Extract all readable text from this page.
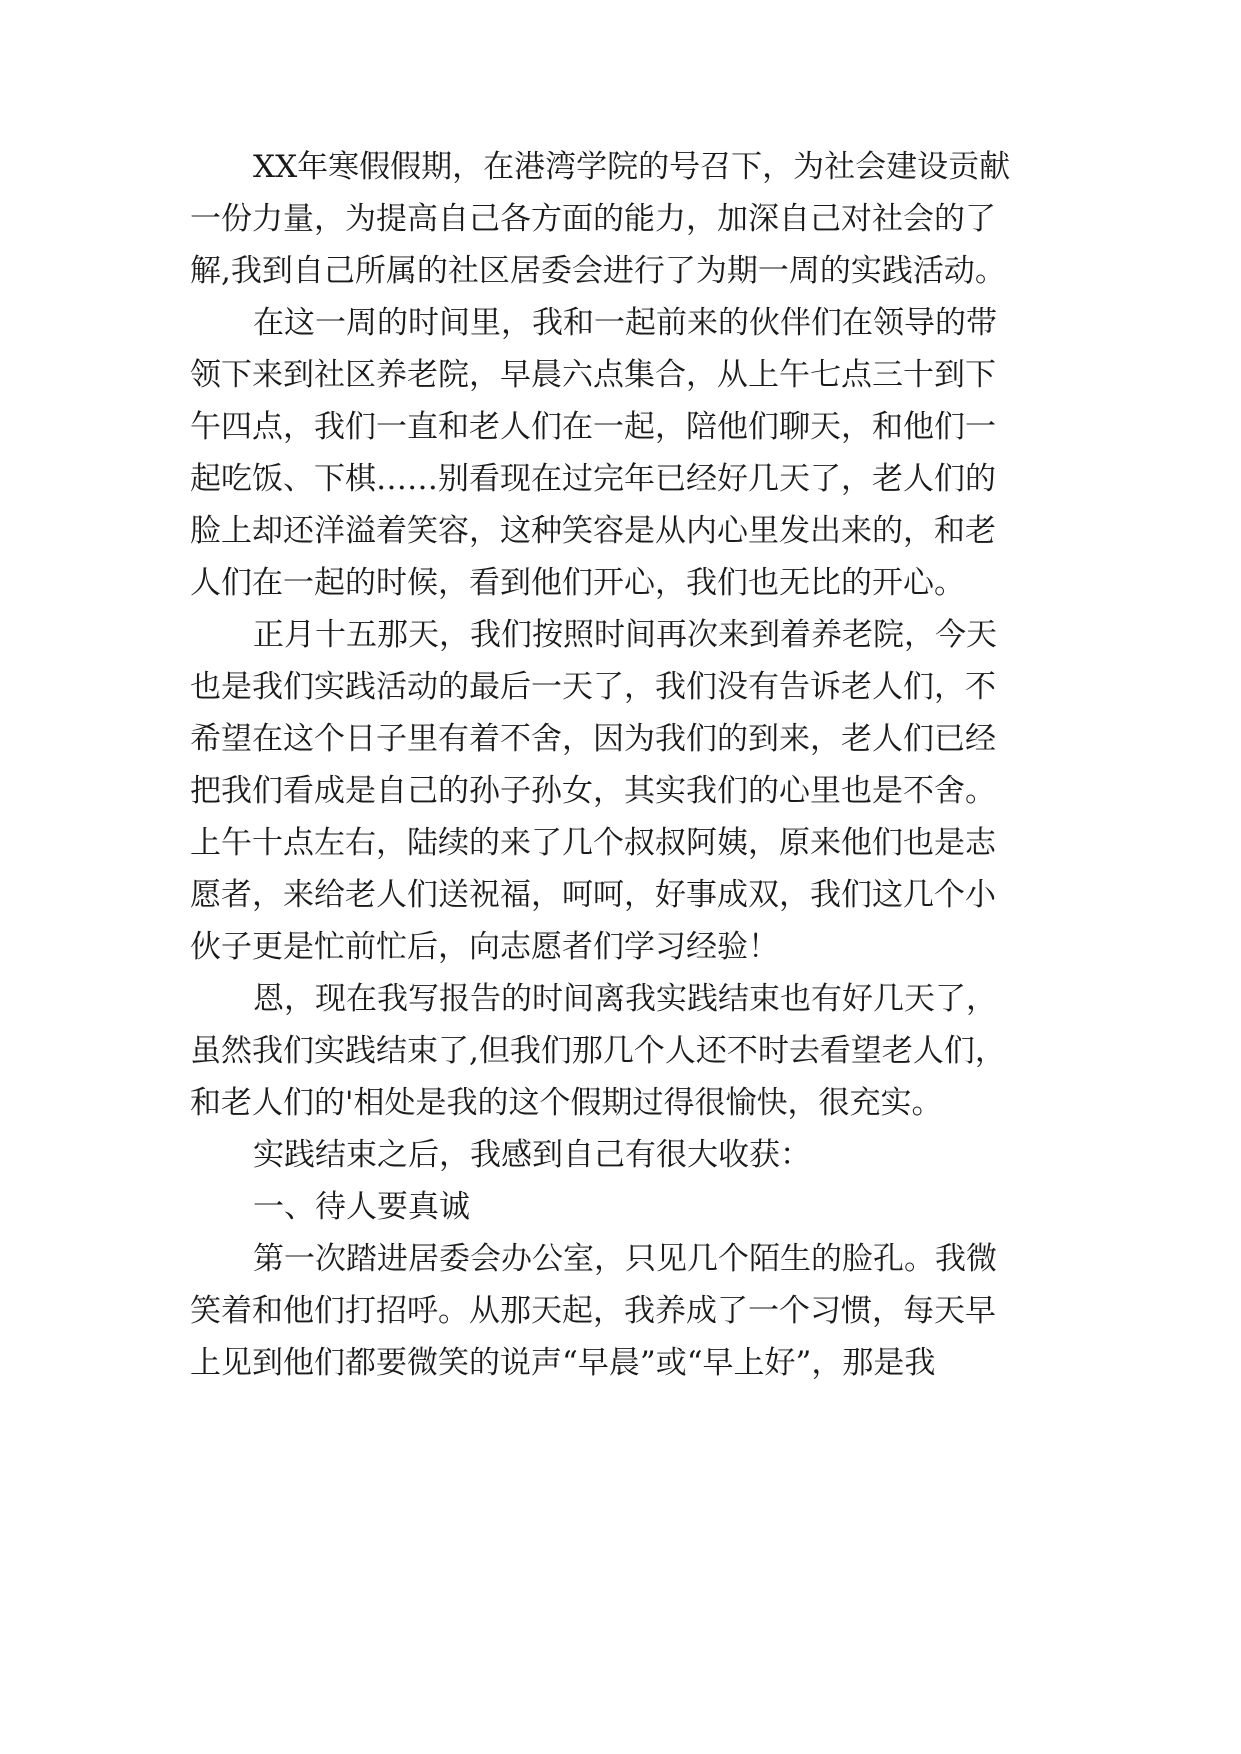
XX年寒假假期，在港湾学院的号召下，为社会建设贡献
一份力量，为提高自己各方面的能力，加深自己对社会的了
解,我到自己所属的社区居委会进行了为期一周的实践活动。
在这一周的时间里，我和一起前来的伙伴们在领导的带
领下来到社区养老院，早晨六点集合，从上午七点三十到下
午四点，我们一直和老人们在一起，陪他们聊天，和他们一
起吃饭、下棋……别看现在过完年已经好几天了，老人们的
脸上却还洋溢着笑容，这种笑容是从内心里发出来的，和老
人们在一起的时候，看到他们开心，我们也无比的开心。
正月十五那天，我们按照时间再次来到着养老院，今天
也是我们实践活动的最后一天了，我们没有告诉老人们，不
希望在这个日子里有着不舍，因为我们的到来，老人们已经
把我们看成是自己的孙子孙女，其实我们的心里也是不舍。
上午十点左右，陆续的来了几个叔叔阿姨，原来他们也是志
愿者，来给老人们送祝福，呵呵，好事成双，我们这几个小
伙子更是忙前忙后，向志愿者们学习经验！
恩，现在我写报告的时间离我实践结束也有好几天了，
虽然我们实践结束了,但我们那几个人还不时去看望老人们，
和老人们的'相处是我的这个假期过得很愉快，很充实。
实践结束之后，我感到自己有很大收获：
一、待人要真诚
第一次踏进居委会办公室，只见几个陌生的脸孔。我微
笑着和他们打招呼。从那天起，我养成了一个习惯，每天早
上见到他们都要微笑的说声“早晨”或“早上好”，那是我
